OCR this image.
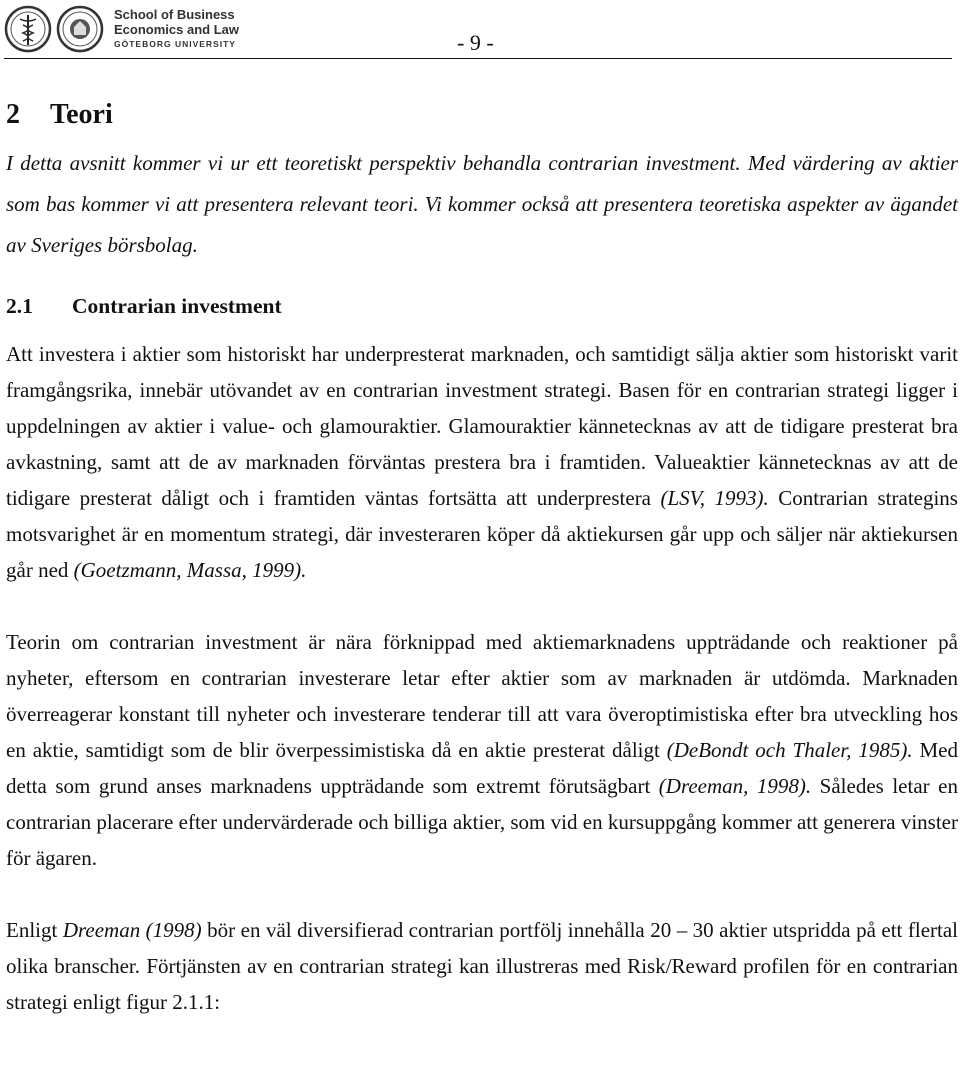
School of Business
Economics and Law
GÖTEBORG UNIVERSITY	- 9 -
2 Teori

I detta avsnitt kommer vi ur ett teoretiskt perspektiv behandla contrarian investment. Med värdering av aktier som bas kommer vi att presentera relevant teori. Vi kommer också att presentera teoretiska aspekter av ägandet av Sveriges börsbolag.

2.1 Contrarian investment

Att investera i aktier som historiskt har underpresterat marknaden, och samtidigt sälja aktier som historiskt varit framgångsrika, innebär utövandet av en contrarian investment strategi. Basen för en contrarian strategi ligger i uppdelningen av aktier i value- och glamouraktier. Glamouraktier kännetecknas av att de tidigare presterat bra avkastning, samt att de av marknaden förväntas prestera bra i framtiden. Valueaktier kännetecknas av att de tidigare presterat dåligt och i framtiden väntas fortsätta att underprestera (LSV, 1993). Contrarian strategins motsvarighet är en momentum strategi, där investeraren köper då aktiekursen går upp och säljer när aktiekursen går ned (Goetzmann, Massa, 1999).

Teorin om contrarian investment är nära förknippad med aktiemarknadens uppträdande och reaktioner på nyheter, eftersom en contrarian investerare letar efter aktier som av marknaden är utdömda. Marknaden överreagerar konstant till nyheter och investerare tenderar till att vara överoptimistiska efter bra utveckling hos en aktie, samtidigt som de blir överpessimistiska då en aktie presterat dåligt (DeBondt och Thaler, 1985). Med detta som grund anses marknadens uppträdande som extremt förutsägbart (Dreeman, 1998). Således letar en contrarian placerare efter undervärderade och billiga aktier, som vid en kursuppgång kommer att generera vinster för ägaren.

Enligt Dreeman (1998) bör en väl diversifierad contrarian portfölj innehålla 20 – 30 aktier utspridda på ett flertal olika branscher. Förtjänsten av en contrarian strategi kan illustreras med Risk/Reward profilen för en contrarian strategi enligt figur 2.1.1:
